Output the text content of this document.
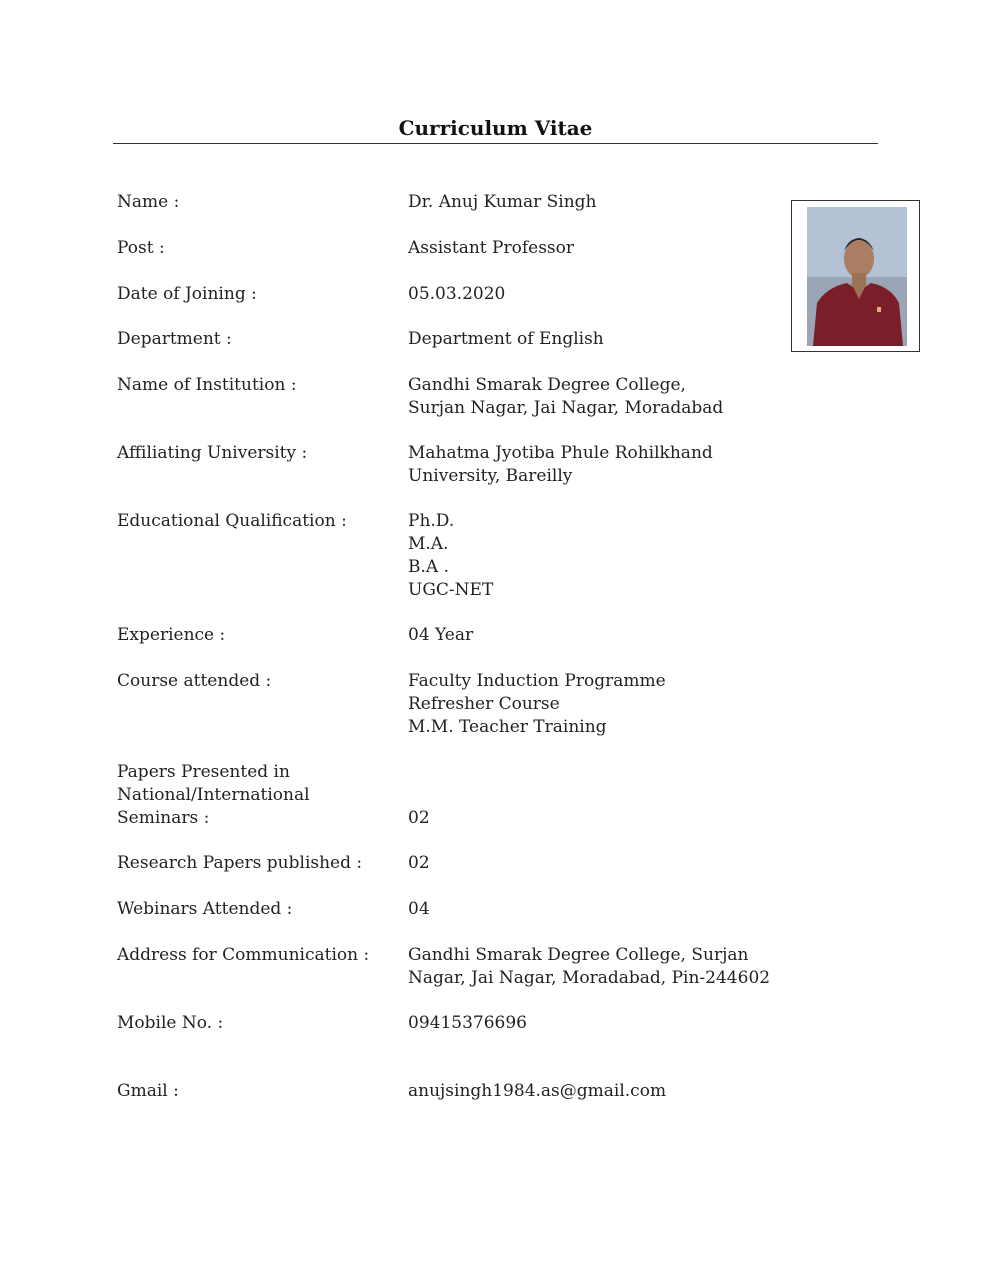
Curriculum Vitae
Name :	Dr. Anuj Kumar Singh
Post :	Assistant Professor
Date of Joining :	05.03.2020
Department :	Department of English
Name of Institution :	Gandhi Smarak Degree College,
Surjan Nagar, Jai Nagar, Moradabad
Affiliating University :	Mahatma Jyotiba Phule Rohilkhand
University, Bareilly
Educational Qualification :	Ph.D.
M.A.
B.A .
UGC-NET
Experience :	04 Year
Course attended :	Faculty Induction Programme
Refresher Course
M.M. Teacher Training
Papers Presented in
National/International
Seminars :	02
Research Papers published :	02
Webinars Attended :	04
Address for Communication :	Gandhi Smarak Degree College, Surjan
Nagar, Jai Nagar, Moradabad, Pin-244602
Mobile No. :	09415376696
Gmail :	anujsingh1984.as@gmail.com
